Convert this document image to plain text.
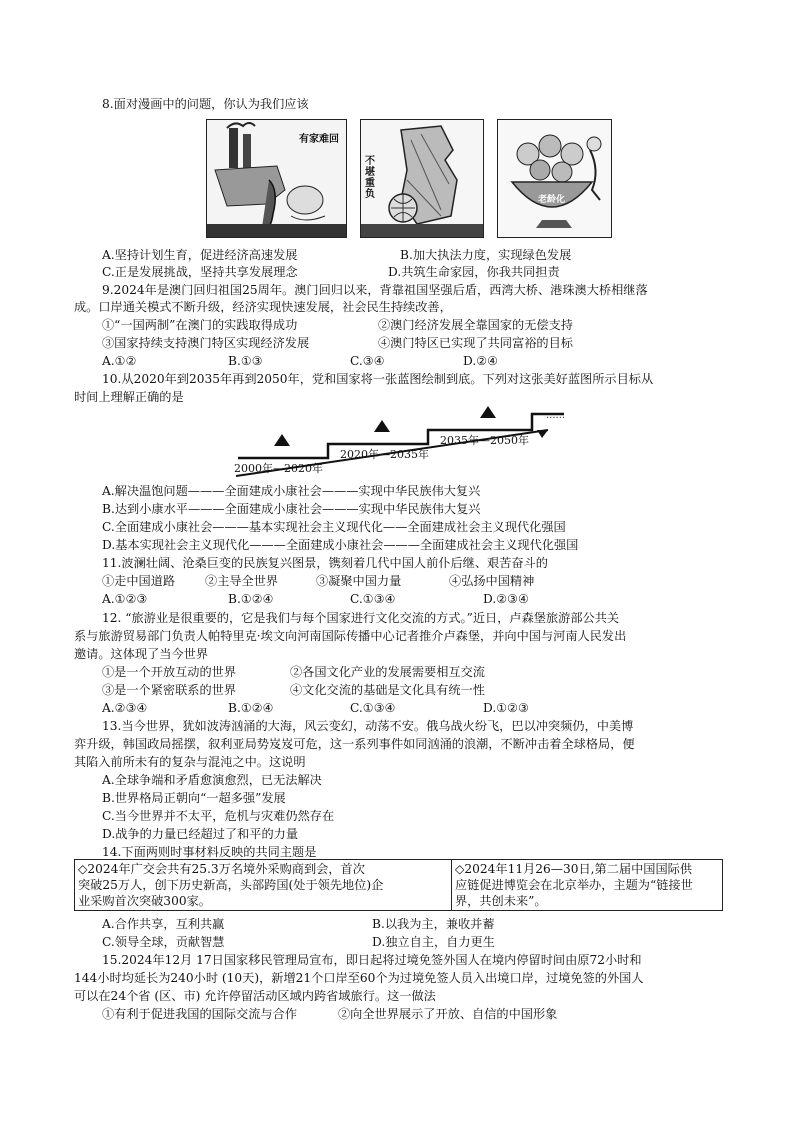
8.面对漫画中的问题，你认为我们应该
有家难回
不堪重负	老龄化
A.坚持计划生育，促进经济高速发展	B.加大执法力度，实现绿色发展
C.正是发展挑战，坚持共享发展理念	D.共筑生命家园，你我共同担责
9.2024年是澳门回归祖国25周年。澳门回归以来，背靠祖国坚强后盾，西湾大桥、港珠澳大桥相继落
成。口岸通关模式不断升级，经济实现快速发展，社会民生持续改善，
①“一国两制”在澳门的实践取得成功	②澳门经济发展全靠国家的无偿支持
③国家持续支持澳门特区实现经济发展	④澳门特区已实现了共同富裕的目标
A.①②	B.①③	C.③④	D.②④
10.从2020年到2035年再到2050年，党和国家将一张蓝图绘制到底。下列对这张美好蓝图所示目标从
时间上理解正确的是
......
2000年—2020年
2020年—2035年
2035年—2050年
A.解决温饱问题———全面建成小康社会———实现中华民族伟大复兴
B.达到小康水平———全面建成小康社会———实现中华民族伟大复兴
C.全面建成小康社会———基本实现社会主义现代化——全面建成社会主义现代化强国
D.基本实现社会主义现代化———全面建成小康社会———全面建成社会主义现代化强国
11.波澜壮阔、沧桑巨变的民族复兴图景，镌刻着几代中国人前仆后继、艰苦奋斗的
①走中国道路 ②主导全世界	③凝聚中国力量	④弘扬中国精神
A.①②③	B.①②④	C.①③④	D.②③④
12. “旅游业是很重要的，它是我们与每个国家进行文化交流的方式。”近日，卢森堡旅游部公共关
系与旅游贸易部门负责人帕特里克·埃文向河南国际传播中心记者推介卢森堡，并向中国与河南人民发出
邀请。这体现了当今世界
①是一个开放互动的世界	②各国文化产业的发展需要相互交流
③是一个紧密联系的世界	④文化交流的基础是文化具有统一性
A.②③④	B.①②④	C.①③④	D.①②③
13.当今世界，犹如波涛汹涌的大海，风云变幻，动荡不安。俄乌战火纷飞，巴以冲突频仍，中美博
弈升级，韩国政局摇摆，叙利亚局势岌岌可危，这一系列事件如同汹涌的浪潮，不断冲击着全球格局，便
其陷入前所未有的复杂与混沌之中。这说明
A.全球争端和矛盾愈演愈烈，已无法解决
B.世界格局正朝向“一超多强”发展
C.当今世界并不太平，危机与灾难仍然存在
D.战争的力量已经超过了和平的力量
14.下面两则时事材料反映的共同主题是
◇2024年广交会共有25.3万名境外采购商到会，首次
突破25万人，创下历史新高，头部跨国(处于领先地位)企
业采购首次突破300家。

◇2024年11月26—30日,第二届中国国际供
应链促进博览会在北京举办，主题为“链接世
界，共创未来”。
A.合作共享，互利共赢	B.以我为主，兼收并蓄
C.领导全球，贡献智慧	D.独立自主，自力更生
15.2024年12月 17日国家移民管理局宣布，即日起将过境免签外国人在境内停留时间由原72小时和
144小时均延长为240小时 (10天)，新增21个口岸至60个为过境免签人员入出境口岸，过境免签的外国人
可以在24个省 (区、市) 允许停留活动区域内跨省域旅行。这一做法
①有利于促进我国的国际交流与合作	②向全世界展示了开放、自信的中国形象
